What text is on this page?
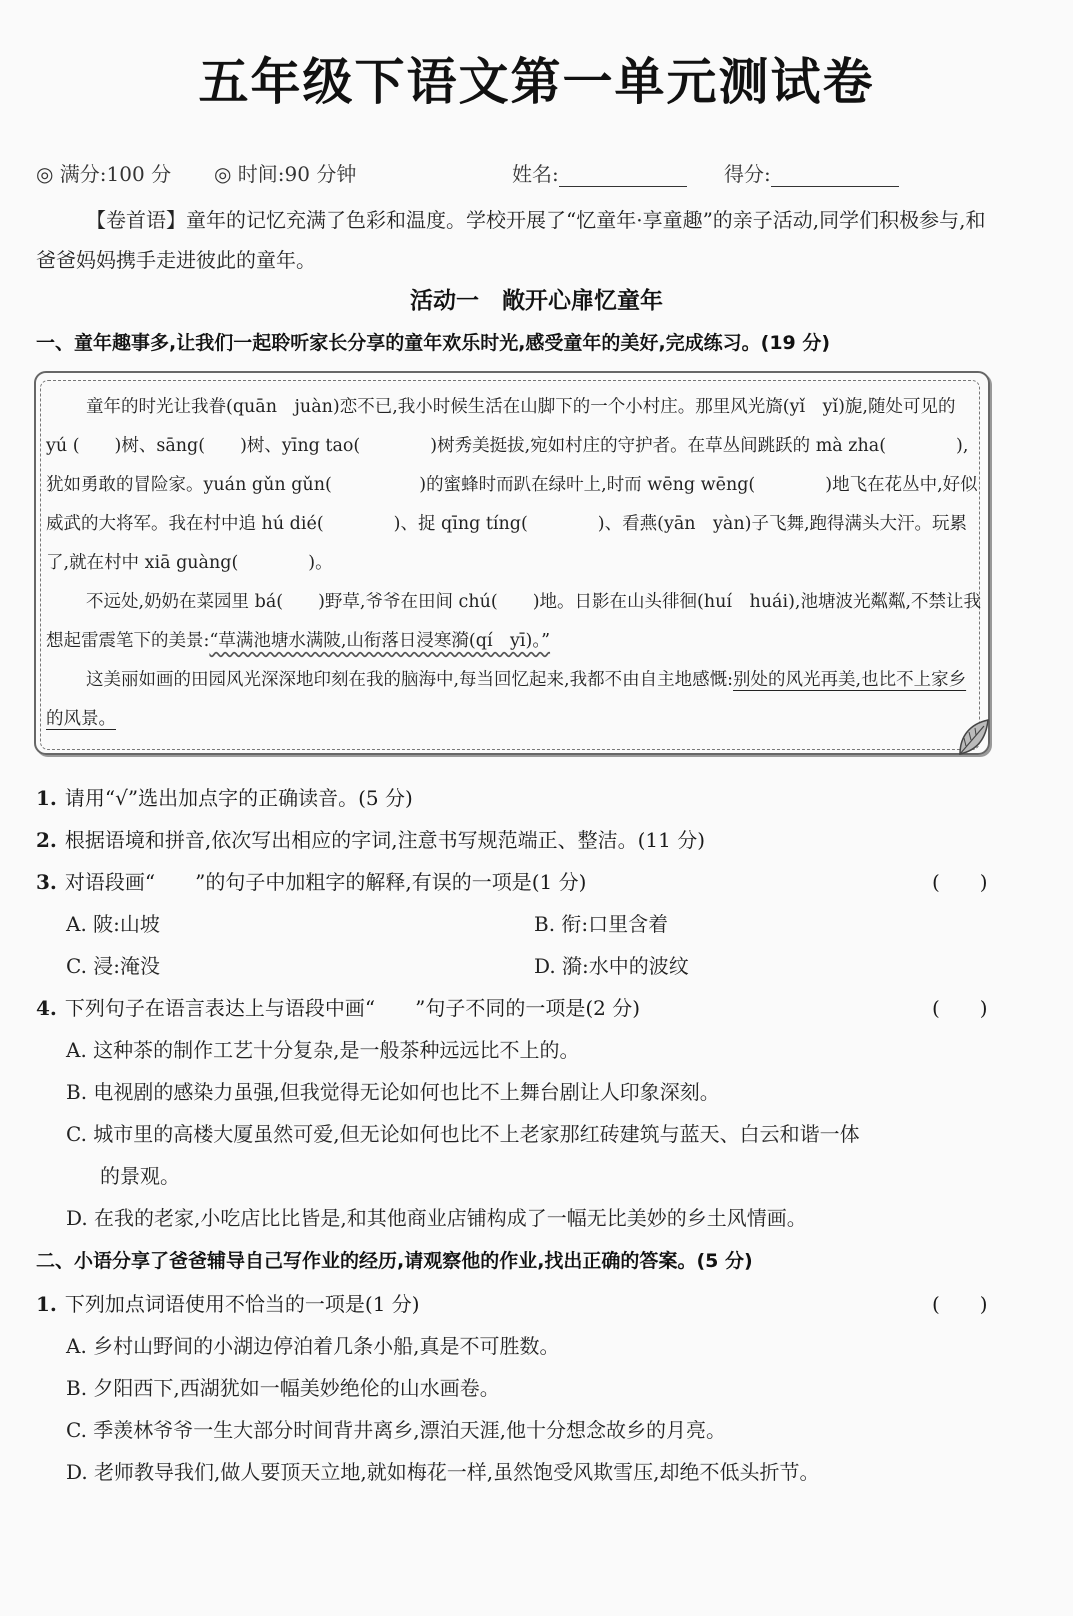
五年级下语文第一单元测试卷
◎ 满分:100 分 ◎ 时间:90 分钟	姓名:	得分:
【卷首语】童年的记忆充满了色彩和温度。学校开展了“忆童年·享童趣”的亲子活动,同学们积极参与,和爸爸妈妈携手走进彼此的童年。
活动一　敞开心扉忆童年
一、童年趣事多,让我们一起聆听家长分享的童年欢乐时光,感受童年的美好,完成练习。(19 分)

童年的时光让我眷(quān　juàn)恋不已,我小时候生活在山脚下的一个小村庄。那里风光旖(yǐ　yǐ)旎,随处可见的 yú (　　)树、sāng(　　)树、yīng tao(　　　　)树秀美挺拔,宛如村庄的守护者。在草丛间跳跃的 mà zha(　　　　),犹如勇敢的冒险家。yuán gǔn gǔn(　　　　　)的蜜蜂时而趴在绿叶上,时而 wēng wēng(　　　　)地飞在花丛中,好似威武的大将军。我在村中追 hú dié(　　　　)、捉 qīng tíng(　　　　)、看燕(yān　yàn)子飞舞,跑得满头大汗。玩累了,就在村中 xiā guàng(　　　　)。

不远处,奶奶在菜园里 bá(　　)野草,爷爷在田间 chú(　　)地。日影在山头徘徊(huí　huái),池塘波光粼粼,不禁让我想起雷震笔下的美景:“草满池塘水满陂,山衔落日浸寒漪(qí　yī)。”

这美丽如画的田园风光深深地印刻在我的脑海中,每当回忆起来,我都不由自主地感慨:别处的风光再美,也比不上家乡的风景。

1. 请用“√”选出加点字的正确读音。(5 分)
2. 根据语境和拼音,依次写出相应的字词,注意书写规范端正、整洁。(11 分)
3. 对语段画“　　”的句子中加粗字的解释,有误的一项是(1 分)	(　　)
A. 陂:山坡	B. 衔:口里含着
C. 浸:淹没	D. 漪:水中的波纹
4. 下列句子在语言表达上与语段中画“　　”句子不同的一项是(2 分)	(　　)
A. 这种茶的制作工艺十分复杂,是一般茶种远远比不上的。
B. 电视剧的感染力虽强,但我觉得无论如何也比不上舞台剧让人印象深刻。
C. 城市里的高楼大厦虽然可爱,但无论如何也比不上老家那红砖建筑与蓝天、白云和谐一体
的景观。
D. 在我的老家,小吃店比比皆是,和其他商业店铺构成了一幅无比美妙的乡土风情画。
二、小语分享了爸爸辅导自己写作业的经历,请观察他的作业,找出正确的答案。(5 分)
1. 下列加点词语使用不恰当的一项是(1 分)	(　　)
A. 乡村山野间的小湖边停泊着几条小船,真是不可胜数。
B. 夕阳西下,西湖犹如一幅美妙绝伦的山水画卷。
C. 季羡林爷爷一生大部分时间背井离乡,漂泊天涯,他十分想念故乡的月亮。
D. 老师教导我们,做人要顶天立地,就如梅花一样,虽然饱受风欺雪压,却绝不低头折节。
